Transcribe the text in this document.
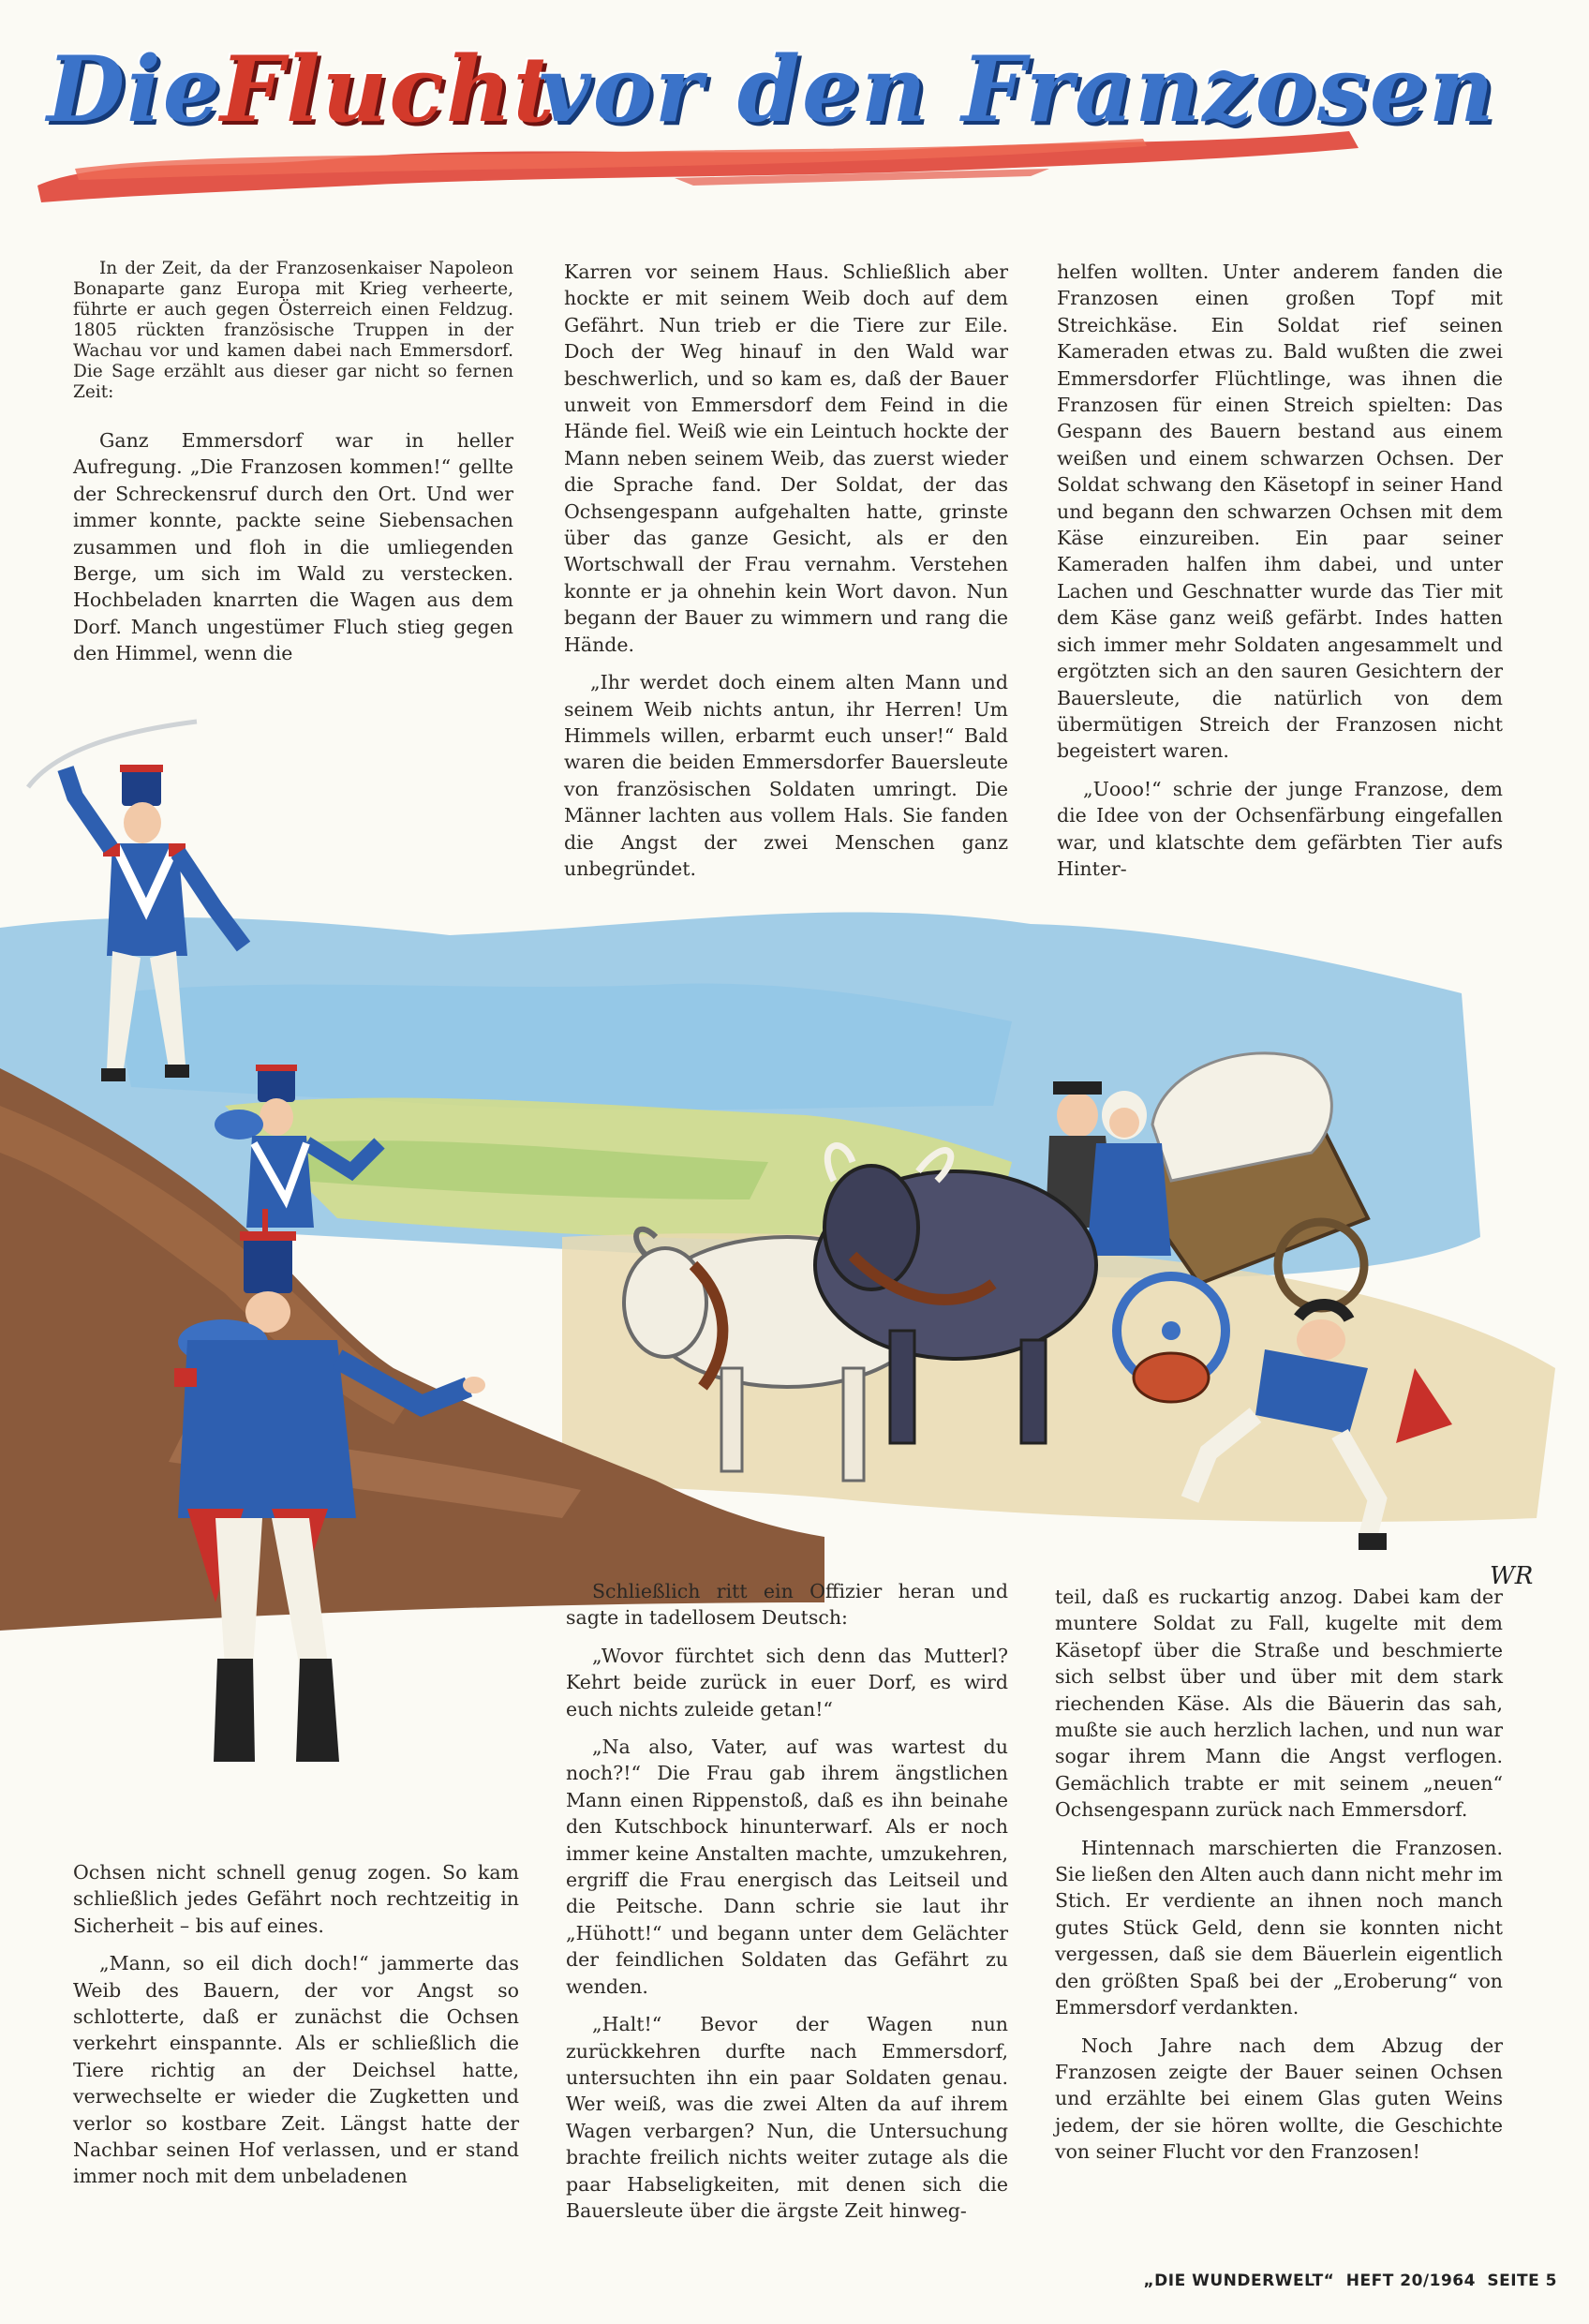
Die
Flucht
vor den Franzosen

In der Zeit, da der Franzosenkaiser Napoleon Bonaparte ganz Europa mit Krieg verheerte, führte er auch gegen Österreich einen Feldzug. 1805 rückten französische Truppen in der Wachau vor und kamen dabei nach Emmersdorf. Die Sage erzählt aus dieser gar nicht so fernen Zeit:

Ganz Emmersdorf war in heller Aufregung. „Die Franzosen kommen!“ gellte der Schreckensruf durch den Ort. Und wer immer konnte, packte seine Siebensachen zusammen und floh in die umliegenden Berge, um sich im Wald zu verstecken. Hochbeladen knarrten die Wagen aus dem Dorf. Manch ungestümer Fluch stieg gegen den Himmel, wenn die

Karren vor seinem Haus. Schließlich aber hockte er mit seinem Weib doch auf dem Gefährt. Nun trieb er die Tiere zur Eile. Doch der Weg hinauf in den Wald war beschwerlich, und so kam es, daß der Bauer unweit von Emmersdorf dem Feind in die Hände fiel. Weiß wie ein Leintuch hockte der Mann neben seinem Weib, das zuerst wieder die Sprache fand. Der Soldat, der das Ochsengespann aufgehalten hatte, grinste über das ganze Gesicht, als er den Wortschwall der Frau vernahm. Verstehen konnte er ja ohnehin kein Wort davon. Nun begann der Bauer zu wimmern und rang die Hände.

„Ihr werdet doch einem alten Mann und seinem Weib nichts antun, ihr Herren! Um Himmels willen, erbarmt euch unser!“ Bald waren die beiden Emmersdorfer Bauersleute von französischen Soldaten umringt. Die Männer lachten aus vollem Hals. Sie fanden die Angst der zwei Menschen ganz unbegründet.

helfen wollten. Unter anderem fanden die Franzosen einen großen Topf mit Streichkäse. Ein Soldat rief seinen Kameraden etwas zu. Bald wußten die zwei Emmersdorfer Flüchtlinge, was ihnen die Franzosen für einen Streich spielten: Das Gespann des Bauern bestand aus einem weißen und einem schwarzen Ochsen. Der Soldat schwang den Käsetopf in seiner Hand und begann den schwarzen Ochsen mit dem Käse einzureiben. Ein paar seiner Kameraden halfen ihm dabei, und unter Lachen und Geschnatter wurde das Tier mit dem Käse ganz weiß gefärbt. Indes hatten sich immer mehr Soldaten angesammelt und ergötzten sich an den sauren Gesichtern der Bauersleute, die natürlich von dem übermütigen Streich der Franzosen nicht begeistert waren.

„Uooo!“ schrie der junge Franzose, dem die Idee von der Ochsenfärbung eingefallen war, und klatschte dem gefärbten Tier aufs Hinter-

WR

Ochsen nicht schnell genug zogen. So kam schließlich jedes Gefährt noch rechtzeitig in Sicherheit – bis auf eines.

„Mann, so eil dich doch!“ jammerte das Weib des Bauern, der vor Angst so schlotterte, daß er zunächst die Ochsen verkehrt einspannte. Als er schließlich die Tiere richtig an der Deichsel hatte, verwechselte er wieder die Zugketten und verlor so kostbare Zeit. Längst hatte der Nachbar seinen Hof verlassen, und er stand immer noch mit dem unbeladenen

Schließlich ritt ein Offizier heran und sagte in tadellosem Deutsch:

„Wovor fürchtet sich denn das Mutterl? Kehrt beide zurück in euer Dorf, es wird euch nichts zuleide getan!“

„Na also, Vater, auf was wartest du noch?!“ Die Frau gab ihrem ängstlichen Mann einen Rippenstoß, daß es ihn beinahe den Kutschbock hinunterwarf. Als er noch immer keine Anstalten machte, umzukehren, ergriff die Frau energisch das Leitseil und die Peitsche. Dann schrie sie laut ihr „Hühott!“ und begann unter dem Gelächter der feindlichen Soldaten das Gefährt zu wenden.

„Halt!“ Bevor der Wagen nun zurückkehren durfte nach Emmersdorf, untersuchten ihn ein paar Soldaten genau. Wer weiß, was die zwei Alten da auf ihrem Wagen verbargen? Nun, die Untersuchung brachte freilich nichts weiter zutage als die paar Habseligkeiten, mit denen sich die Bauersleute über die ärgste Zeit hinweg-

teil, daß es ruckartig anzog. Dabei kam der muntere Soldat zu Fall, kugelte mit dem Käsetopf über die Straße und beschmierte sich selbst über und über mit dem stark riechenden Käse. Als die Bäuerin das sah, mußte sie auch herzlich lachen, und nun war sogar ihrem Mann die Angst verflogen. Gemächlich trabte er mit seinem „neuen“ Ochsengespann zurück nach Emmersdorf.

Hintennach marschierten die Franzosen. Sie ließen den Alten auch dann nicht mehr im Stich. Er verdiente an ihnen noch manch gutes Stück Geld, denn sie konnten nicht vergessen, daß sie dem Bäuerlein eigentlich den größten Spaß bei der „Eroberung“ von Emmersdorf verdankten.

Noch Jahre nach dem Abzug der Franzosen zeigte der Bauer seinen Ochsen und erzählte bei einem Glas guten Weins jedem, der sie hören wollte, die Geschichte von seiner Flucht vor den Franzosen!

„DIE WUNDERWELT“ HEFT 20/1964 SEITE 5
